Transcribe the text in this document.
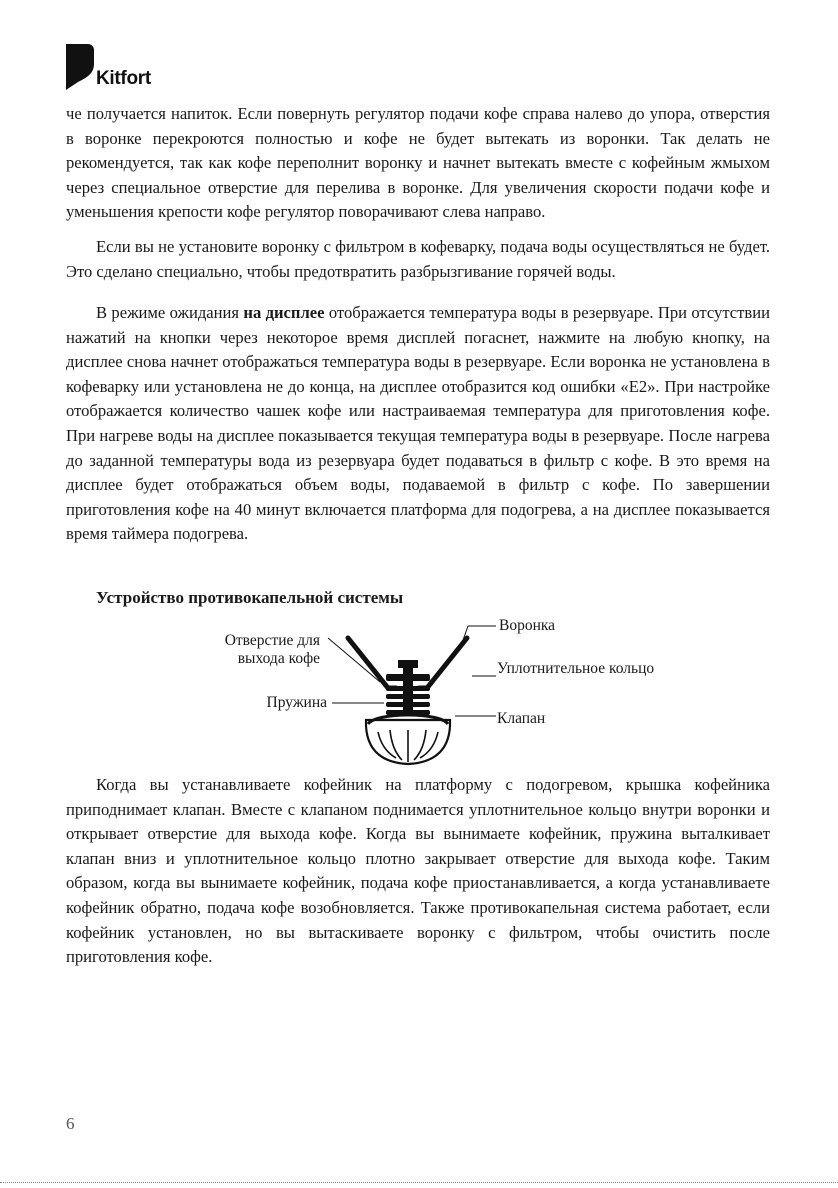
Kitfort

че получается напиток. Если повернуть регулятор подачи кофе справа налево до упора, отверстия в воронке перекроются полностью и кофе не будет вытекать из воронки. Так делать не рекомендуется, так как кофе переполнит воронку и начнет вытекать вместе с кофейным жмыхом через специальное отверстие для перелива в воронке. Для увеличения скорости подачи кофе и уменьшения крепости кофе регулятор поворачивают слева направо.

Если вы не установите воронку с фильтром в кофеварку, подача воды осуществляться не будет. Это сделано специально, чтобы предотвратить разбрызгивание горячей воды.

В режиме ожидания на дисплее отображается температура воды в резервуаре. При отсутствии нажатий на кнопки через некоторое время дисплей погаснет, нажмите на любую кнопку, на дисплее снова начнет отображаться температура воды в резервуаре. Если воронка не установлена в кофеварку или установлена не до конца, на дисплее отобразится код ошибки «E2». При настройке отображается количество чашек кофе или настраиваемая температура для приготовления кофе. При нагреве воды на дисплее показывается текущая температура воды в резервуаре. После нагрева до заданной температуры вода из резервуара будет подаваться в фильтр с кофе. В это время на дисплее будет отображаться объем воды, подаваемой в фильтр с кофе. По завершении приготовления кофе на 40 минут включается платформа для подогрева, а на дисплее показывается время таймера подогрева.

Устройство противокапельной системы
Отверстие для
выхода кофе
Пружина
Воронка
Уплотнительное кольцо
Клапан

Когда вы устанавливаете кофейник на платформу с подогревом, крышка кофейника приподнимает клапан. Вместе с клапаном поднимается уплотнительное кольцо внутри воронки и открывает отверстие для выхода кофе. Когда вы вынимаете кофейник, пружина выталкивает клапан вниз и уплотнительное кольцо плотно закрывает отверстие для выхода кофе. Таким образом, когда вы вынимаете кофейник, подача кофе приостанавливается, а когда устанавливаете кофейник обратно, подача кофе возобновляется. Также противокапельная система работает, если кофейник установлен, но вы вытаскиваете воронку с фильтром, чтобы очистить после приготовления кофе.

6
